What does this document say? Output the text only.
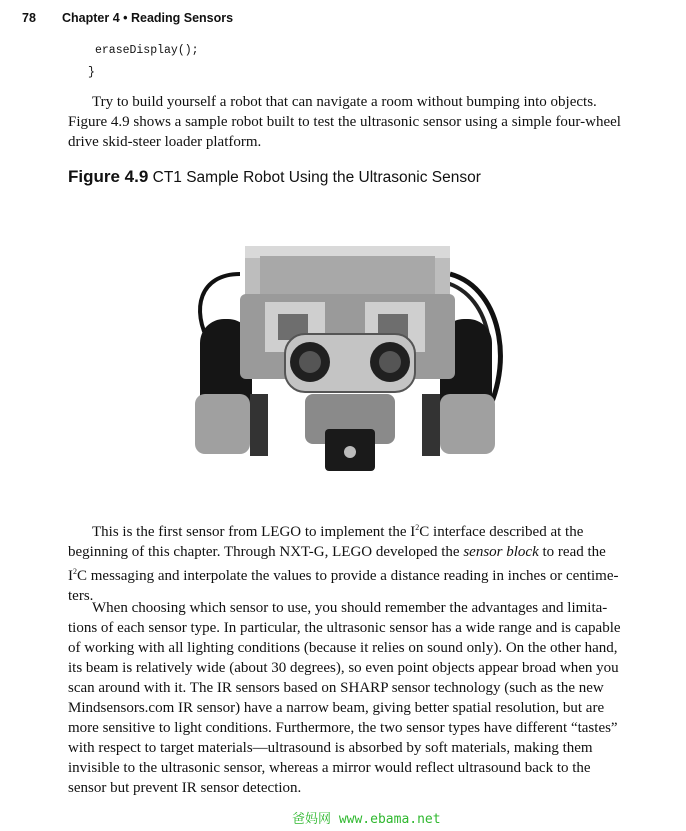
78 Chapter 4 • Reading Sensors
eraseDisplay();
}

Try to build yourself a robot that can navigate a room without bumping into objects.
Figure 4.9 shows a sample robot built to test the ultrasonic sensor using a simple four-wheel
drive skid-steer loader platform.

Figure 4.9 CT1 Sample Robot Using the Ultrasonic Sensor

This is the first sensor from LEGO to implement the $I^2C$ interface described at the
beginning of this chapter. Through NXT-G, LEGO developed the sensor block to read the
$I^2C$ messaging and interpolate the values to provide a distance reading in inches or centime-
ters.

When choosing which sensor to use, you should remember the advantages and limita-
tions of each sensor type. In particular, the ultrasonic sensor has a wide range and is capable
of working with all lighting conditions (because it relies on sound only). On the other hand,
its beam is relatively wide (about 30 degrees), so even point objects appear broad when you
scan around with it. The IR sensors based on SHARP sensor technology (such as the new
Mindsensors.com IR sensor) have a narrow beam, giving better spatial resolution, but are
more sensitive to light conditions. Furthermore, the two sensor types have different “tastes”
with respect to target materials—ultrasound is absorbed by soft materials, making them
invisible to the ultrasonic sensor, whereas a mirror would reflect ultrasound back to the
sensor but prevent IR sensor detection.

爸妈网 www.ebama.net
